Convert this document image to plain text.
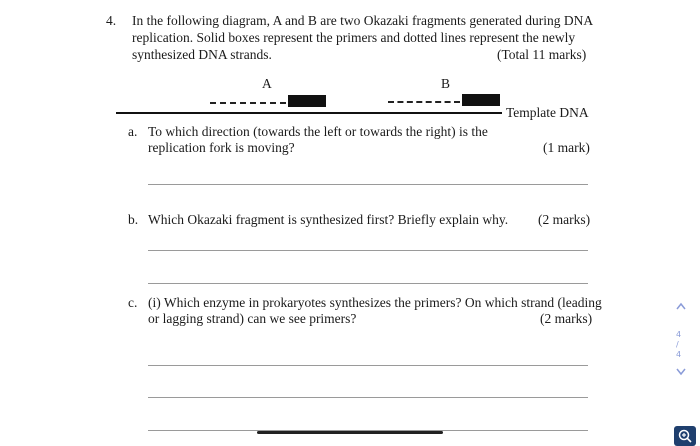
4. In the following diagram, A and B are two Okazaki fragments generated during DNA
replication. Solid boxes represent the primers and dotted lines represent the newly
synthesized DNA strands.	(Total 11 marks)
A	B
Template DNA
a. To which direction (towards the left or towards the right) is the
replication fork is moving?	(1 mark)
b. Which Okazaki fragment is synthesized first? Briefly explain why. (2 marks)
c. (i) Which enzyme in prokaryotes synthesizes the primers? On which strand (leading
or lagging strand) can we see primers?	(2 marks)
4
/
4
